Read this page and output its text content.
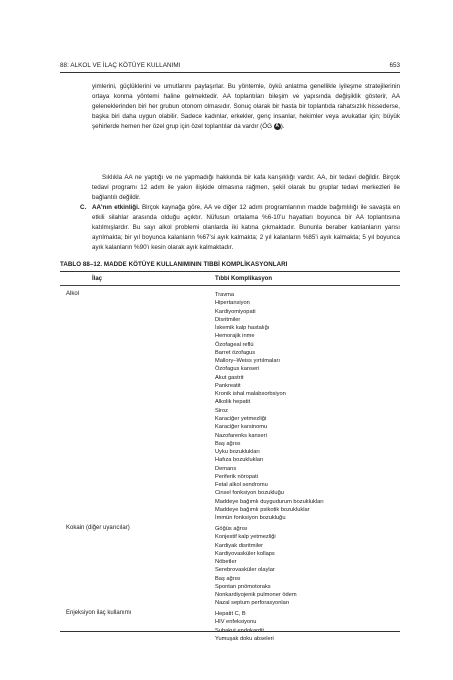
88: ALKOL VE İLAÇ KÖTÜYE KULLANIMI	653
yimlerini, güçlüklerini ve umutlarını paylaşırlar. Bu yöntemle, öykü anlatma genellikle iyileşme stratejilerinin ortaya konma yöntemi haline gelmektedir. AA toplantıları bileşim ve yapısında değişiklik gösterir, AA geleneklerinden biri her grubun otonom olmasıdır. Sonuç olarak bir hasta bir toplantıda rahatsızlık hissederse, başka biri daha uygun olabilir. Sadece kadınlar, erkekler, genç insanlar, hekimler veya avukatlar için; büyük şehirlerde hemen her özel grup için özel toplantılar da vardır (ÖG A ).
Sıklıkla AA ne yaptığı ve ne yapmadığı hakkında bir kafa karışıklığı vardır. AA, bir tedavi değildir. Birçok tedavi programı 12 adım ile yakın ilişkide olmasına rağmen, şekil olarak bu gruplar tedavi merkezleri ile bağlantılı değildir.
C. AA'nın etkinliği. Birçok kaynağa göre, AA ve diğer 12 adım programlarının madde bağımlılığı ile savaşta en etkili silahlar arasında olduğu açıktır. Nüfusun ortalama %6-10'u hayatları boyunca bir AA toplantısına katılmışlardır. Bu sayı alkol problemi olanlarda iki katına çıkmaktadır. Bununla beraber katılanların yarısı ayrılmakta; bir yıl boyunca kalanların %67'si ayık kalmakta; 2 yıl kalanların %85'i ayık kalmakta; 5 yıl boyunca ayık kalanların %90'ı kesin olarak ayık kalmaktadır.
TABLO 88–12. MADDE KÖTÜYE KULLANIMININ TIBBİ KOMPLİKASYONLARI
İlaç	Tıbbi Komplikasyon
Alkol	Travma
Hipertansiyon
Kardiyomiyopati
Disritmiler
İskemik kalp hastalığı
Hemorajik inme
Özofageal reflü
Barret özofagus
Mallory–Weiss yırtılmaları
Özofagus kanseri
Akut gastrit
Pankreatit
Kronik ishal malabsorbsiyon
Alkolik hepatit
Siroz
Karaciğer yetmezliği
Karaciğer karsinomu
Nazofarenks kanseri
Baş ağrısı
Uyku bozuklukları
Hafıza bozuklukları
Demans
Periferik nöropati
Fetal alkol sendromu
Cinsel fonksiyon bozukluğu
Maddeye bağımlı duygudurum bozuklukları
Maddeye bağımlı psikotik bozukluklar
İmmün fonksiyon bozukluğu
Kokain (diğer uyarıcılar)	Göğüs ağrısı
Konjestif kalp yetmezliği
Kardiyak disritmiler
Kardiyovasküler kollaps
Nöbetler
Serebrovasküler olaylar
Baş ağrısı
Spontan pnömotoraks
Nonkardiyojenik pulmoner ödem
Nazal septum perforasyonları
Enjeksiyon ilaç kullanımı	Hepatit C, B
HIV enfeksiyonu
Subakut endokardit
Yumuşak doku abseleri
